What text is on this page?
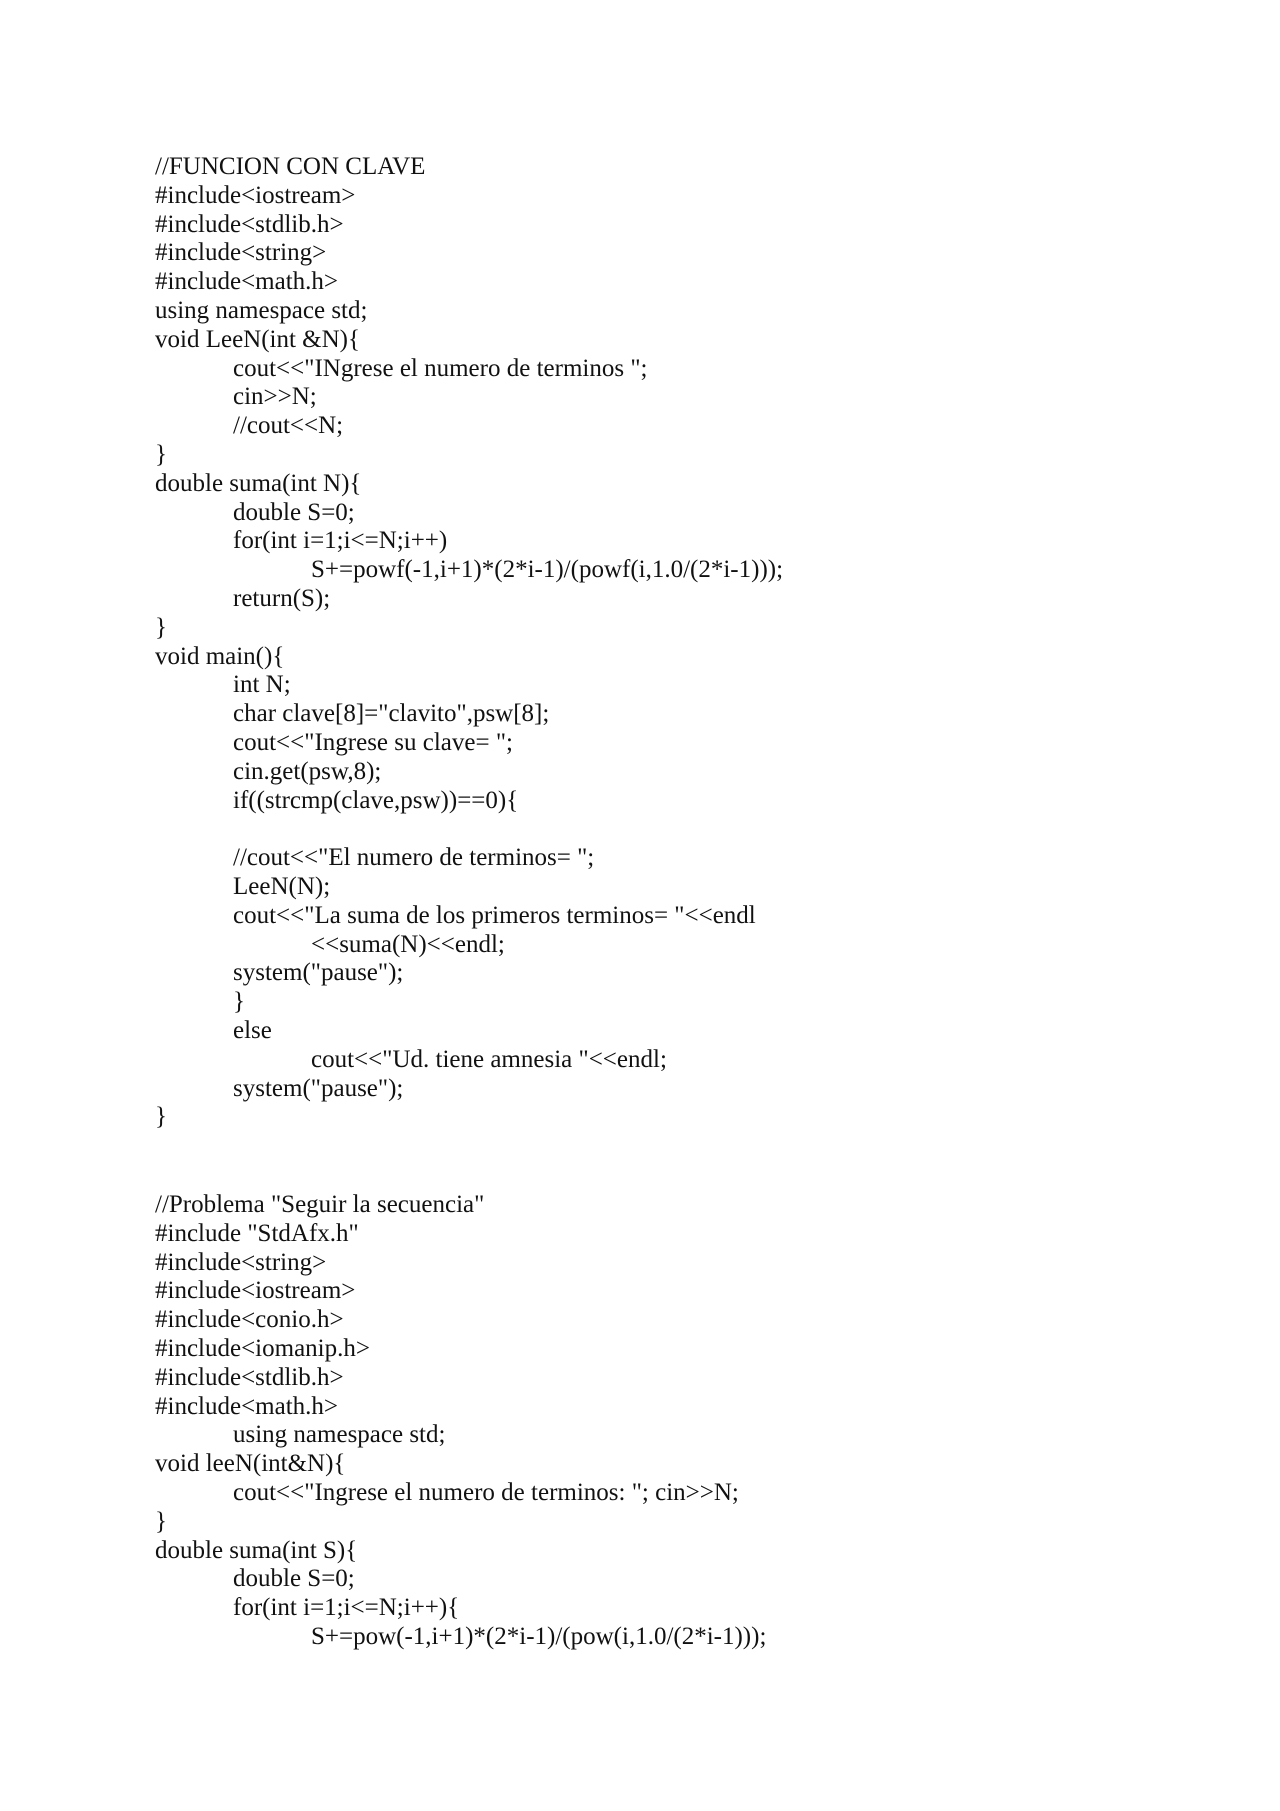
//FUNCION CON CLAVE
#include<iostream>
#include<stdlib.h>
#include<string>
#include<math.h>
using namespace std;
void LeeN(int &N){
cout<<"INgrese el numero de terminos ";
cin>>N;
//cout<<N;
}
double suma(int N){
double S=0;
for(int i=1;i<=N;i++)
S+=powf(-1,i+1)*(2*i-1)/(powf(i,1.0/(2*i-1)));
return(S);
}
void main(){
int N;
char clave[8]="clavito",psw[8];
cout<<"Ingrese su clave= ";
cin.get(psw,8);
if((strcmp(clave,psw))==0){
//cout<<"El numero de terminos= ";
LeeN(N);
cout<<"La suma de los primeros terminos= "<<endl
<<suma(N)<<endl;
system("pause");
}
else
cout<<"Ud. tiene amnesia "<<endl;
system("pause");
}
//Problema "Seguir la secuencia"
#include "StdAfx.h"
#include<string>
#include<iostream>
#include<conio.h>
#include<iomanip.h>
#include<stdlib.h>
#include<math.h>
using namespace std;
void leeN(int&N){
cout<<"Ingrese el numero de terminos: "; cin>>N;
}
double suma(int S){
double S=0;
for(int i=1;i<=N;i++){
S+=pow(-1,i+1)*(2*i-1)/(pow(i,1.0/(2*i-1)));
